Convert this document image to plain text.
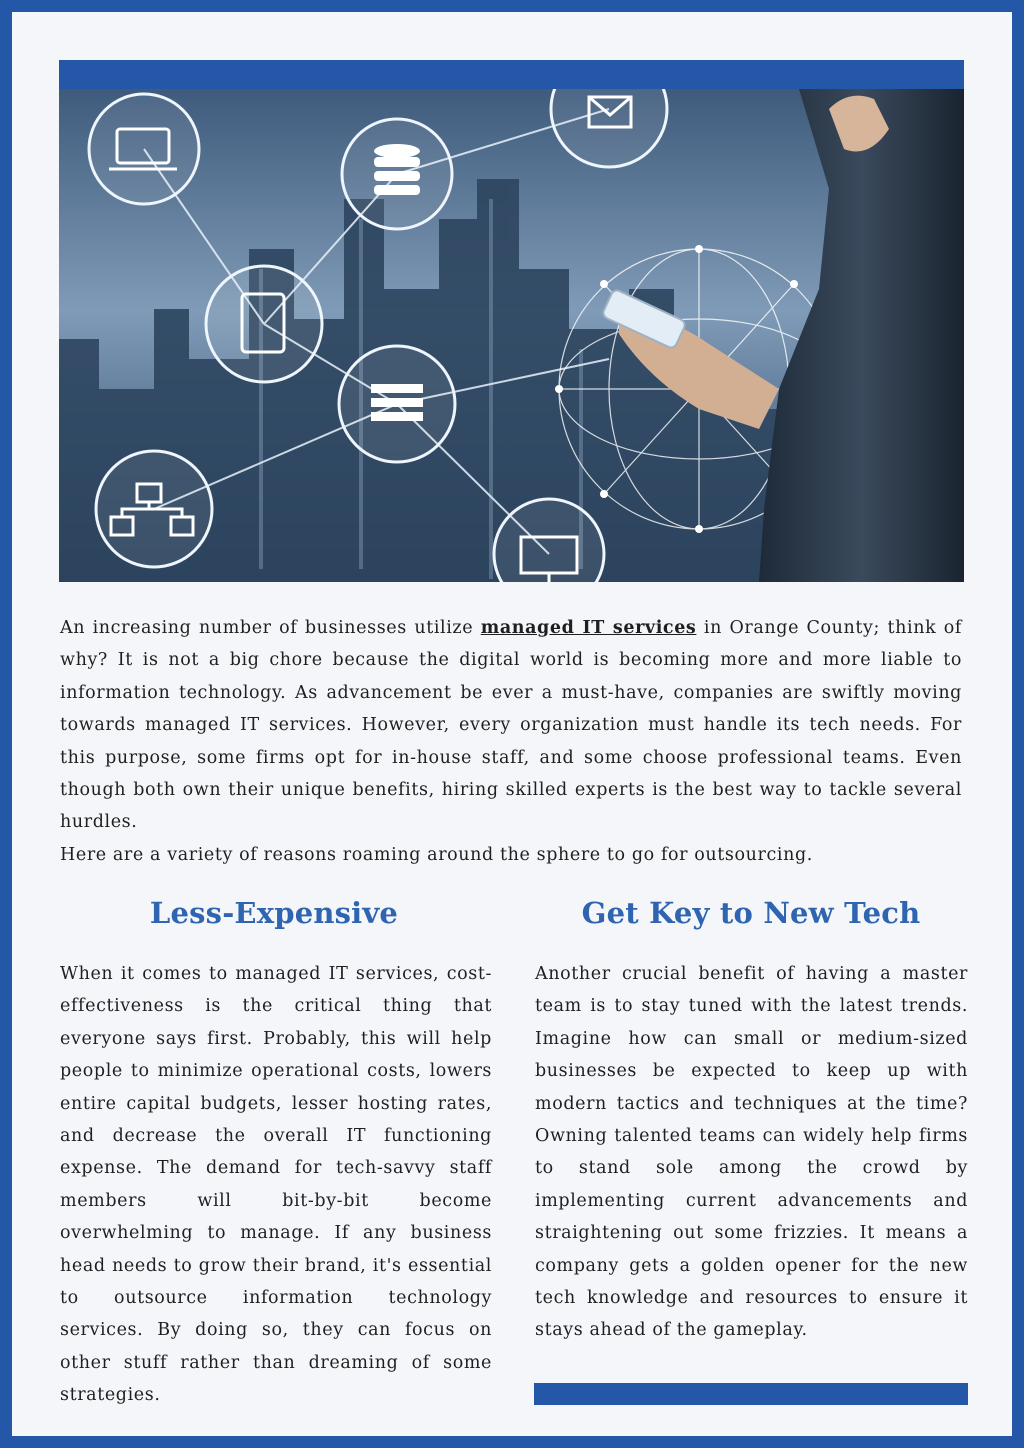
An increasing number of businesses utilize managed IT services in Orange County; think of why? It is not a big chore because the digital world is becoming more and more liable to information technology. As advancement be ever a must-have, companies are swiftly moving towards managed IT services. However, every organization must handle its tech needs. For this purpose, some firms opt for in-house staff, and some choose professional teams. Even though both own their unique benefits, hiring skilled experts is the best way to tackle several hurdles.

Here are a variety of reasons roaming around the sphere to go for outsourcing.

Less-Expensive	Get Key to New Tech
When it comes to managed IT services, cost-effectiveness is the critical thing that everyone says first. Probably, this will help people to minimize operational costs, lowers entire capital budgets, lesser hosting rates, and decrease the overall IT functioning expense. The demand for tech-savvy staff members will bit-by-bit become overwhelming to manage. If any business head needs to grow their brand, it's essential to outsource information technology services. By doing so, they can focus on other stuff rather than dreaming of some strategies.
Another crucial benefit of having a master team is to stay tuned with the latest trends. Imagine how can small or medium-sized businesses be expected to keep up with modern tactics and techniques at the time? Owning talented teams can widely help firms to stand sole among the crowd by implementing current advancements and straightening out some frizzies. It means a company gets a golden opener for the new tech knowledge and resources to ensure it stays ahead of the gameplay.
